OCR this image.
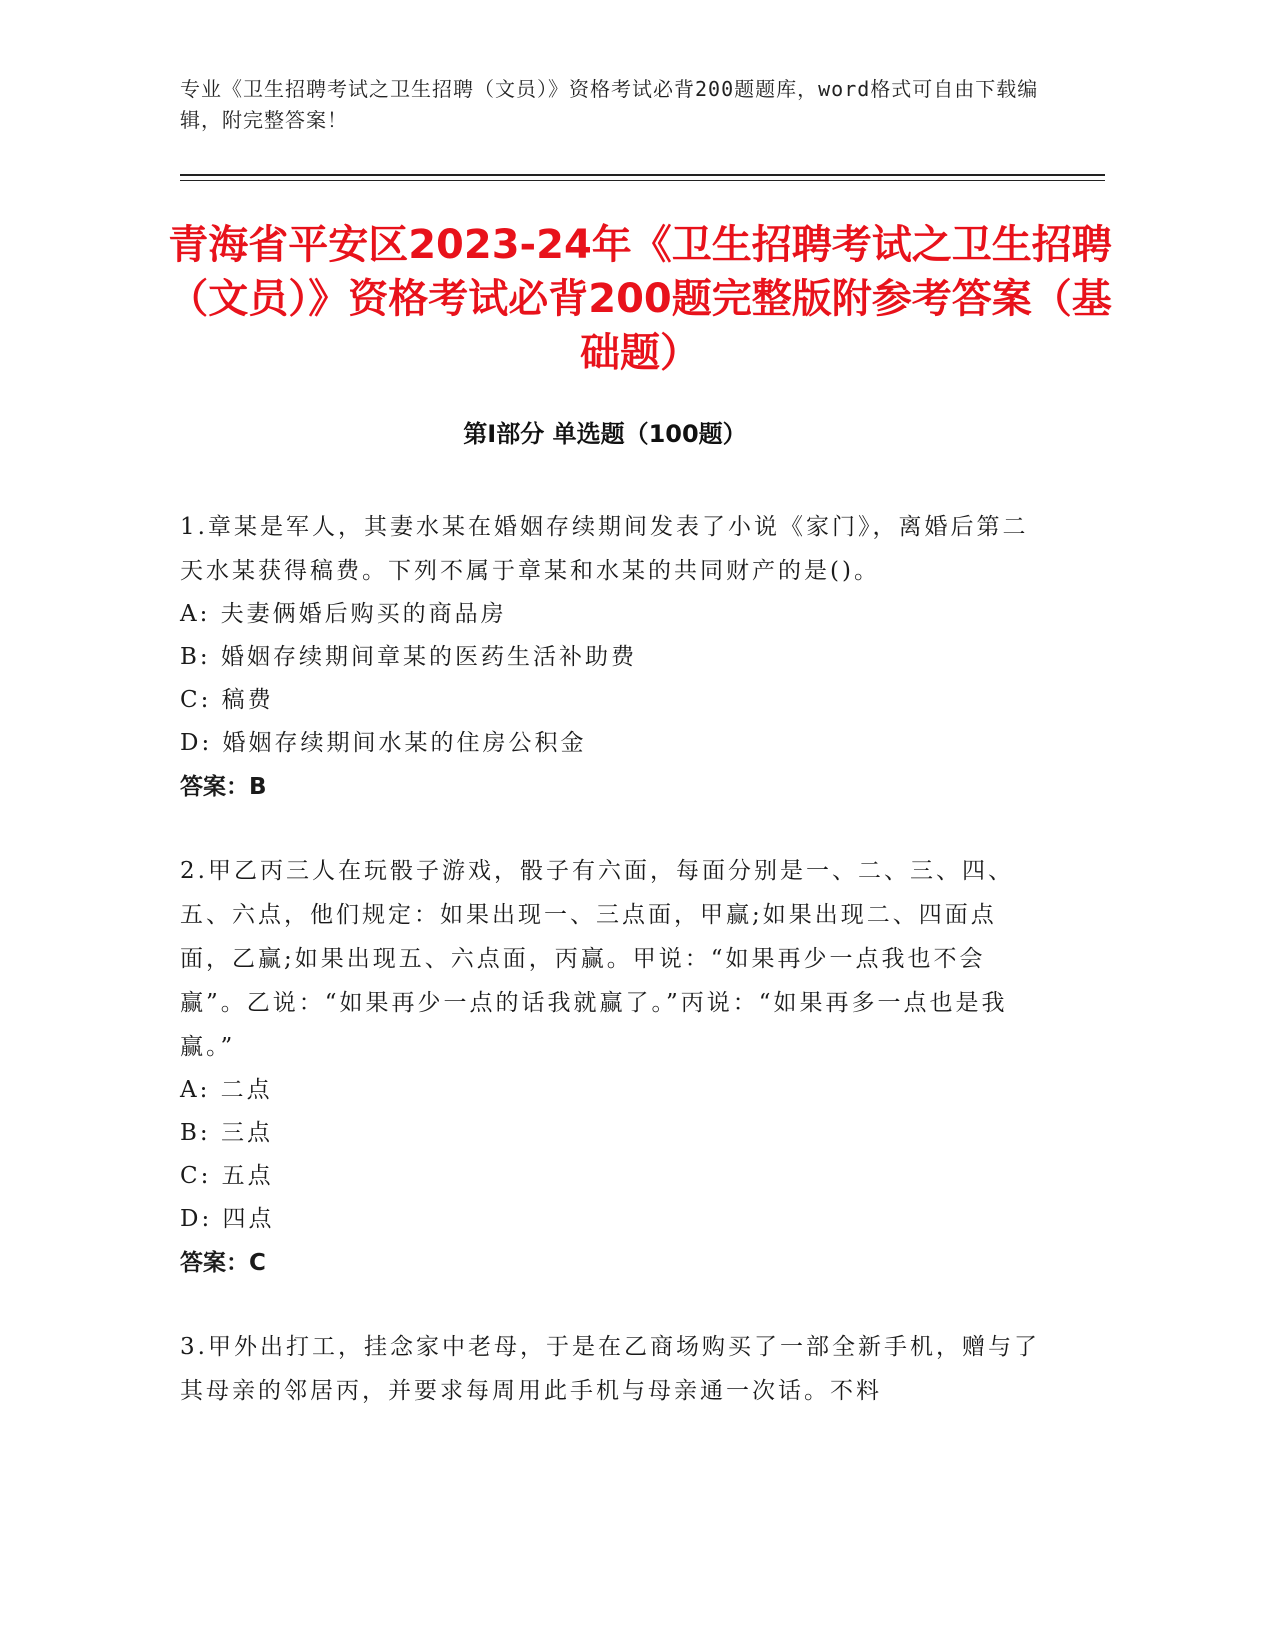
专业《卫生招聘考试之卫生招聘（文员）》资格考试必背200题题库，word格式可自由下载编辑，附完整答案！
青海省平安区2023-24年《卫生招聘考试之卫生招聘（文员）》资格考试必背200题完整版附参考答案（基础题）
第Ⅰ部分 单选题（100题）
1.章某是军人，其妻水某在婚姻存续期间发表了小说《家门》，离婚后第二天水某获得稿费。下列不属于章某和水某的共同财产的是()。
A: 夫妻俩婚后购买的商品房
B: 婚姻存续期间章某的医药生活补助费
C: 稿费
D: 婚姻存续期间水某的住房公积金
答案：B
2.甲乙丙三人在玩骰子游戏，骰子有六面，每面分别是一、二、三、四、五、六点，他们规定：如果出现一、三点面，甲赢;如果出现二、四面点面，乙赢;如果出现五、六点面，丙赢。甲说：“如果再少一点我也不会赢”。乙说：“如果再少一点的话我就赢了。”丙说：“如果再多一点也是我赢。”
A: 二点
B: 三点
C: 五点
D: 四点
答案：C
3.甲外出打工，挂念家中老母，于是在乙商场购买了一部全新手机，赠与了其母亲的邻居丙，并要求每周用此手机与母亲通一次话。不料
